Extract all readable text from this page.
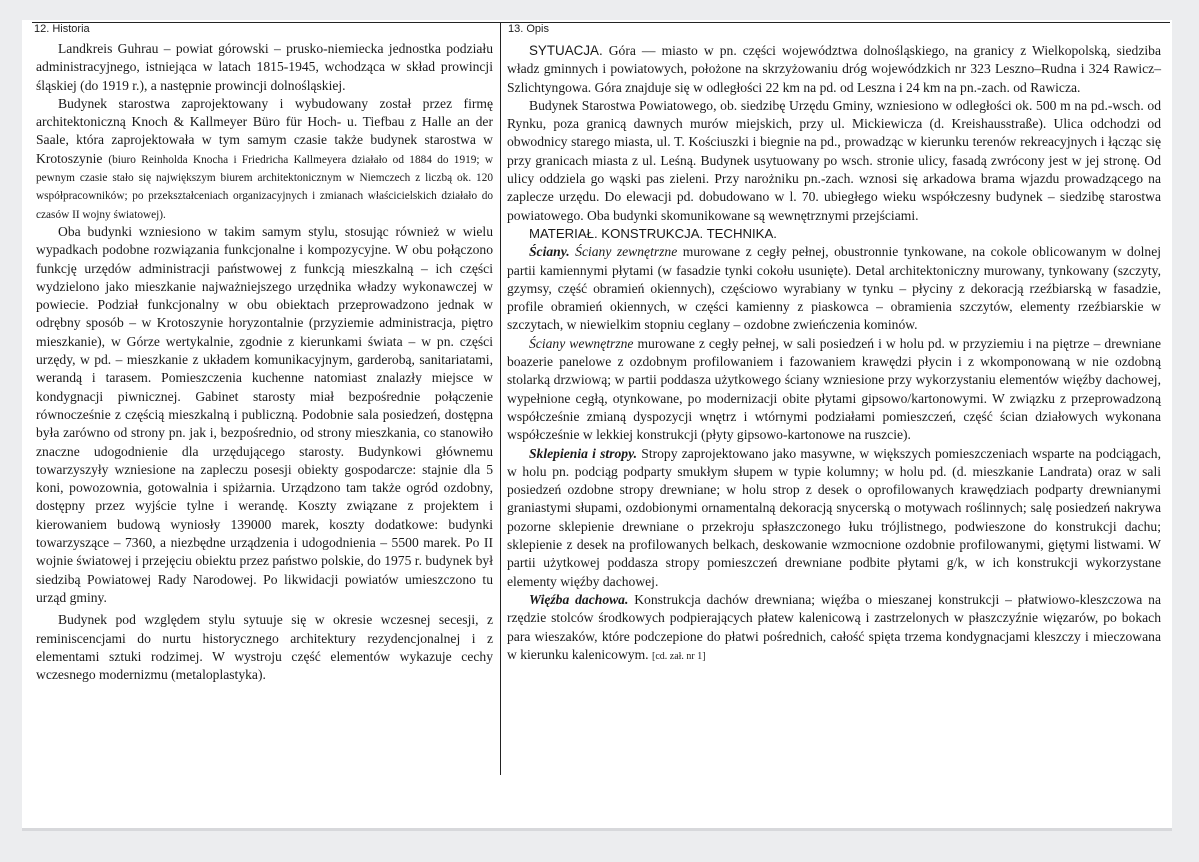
12. Historia	13. Opis

Landkreis Guhrau – powiat górowski – prusko-niemiecka jednostka podziału administracyjnego, istniejąca w latach 1815-1945, wchodząca w skład prowincji śląskiej (do 1919 r.), a następnie prowincji dolnośląskiej.

Budynek starostwa zaprojektowany i wybudowany został przez firmę architektoniczną Knoch & Kallmeyer Büro für Hoch- u. Tiefbau z Halle an der Saale, która zaprojektowała w tym samym czasie także budynek starostwa w Krotoszynie (biuro Reinholda Knocha i Friedricha Kallmeyera działało od 1884 do 1919; w pewnym czasie stało się największym biurem architektonicznym w Niemczech z liczbą ok. 120 współpracowników; po przekształceniach organizacyjnych i zmianach właścicielskich działało do czasów II wojny światowej).

Oba budynki wzniesiono w takim samym stylu, stosując również w wielu wypadkach podobne rozwiązania funkcjonalne i kompozycyjne. W obu połączono funkcję urzędów administracji państwowej z funkcją mieszkalną – ich części wydzielono jako mieszkanie najważniejszego urzędnika władzy wykonawczej w powiecie. Podział funkcjonalny w obu obiektach przeprowadzono jednak w odrębny sposób – w Krotoszynie horyzontalnie (przyziemie administracja, piętro mieszkanie), w Górze wertykalnie, zgodnie z kierunkami świata – w pn. części urzędy, w pd. – mieszkanie z układem komunikacyjnym, garderobą, sanitariatami, werandą i tarasem. Pomieszczenia kuchenne natomiast znalazły miejsce w kondygnacji piwnicznej. Gabinet starosty miał bezpośrednie połączenie równocześnie z częścią mieszkalną i publiczną. Podobnie sala posiedzeń, dostępna była zarówno od strony pn. jak i, bezpośrednio, od strony mieszkania, co stanowiło znaczne udogodnienie dla urzędującego starosty. Budynkowi głównemu towarzyszyły wzniesione na zapleczu posesji obiekty gospodarcze: stajnie dla 5 koni, powozownia, gotowalnia i spiżarnia. Urządzono tam także ogród ozdobny, dostępny przez wyjście tylne i werandę. Koszty związane z projektem i kierowaniem budową wyniosły 139000 marek, koszty dodatkowe: budynki towarzyszące – 7360, a niezbędne urządzenia i udogodnienia – 5500 marek. Po II wojnie światowej i przejęciu obiektu przez państwo polskie, do 1975 r. budynek był siedzibą Powiatowej Rady Narodowej. Po likwidacji powiatów umieszczono tu urząd gminy.

Budynek pod względem stylu sytuuje się w okresie wczesnej secesji, z reminiscencjami do nurtu historycznego architektury rezydencjonalnej i z elementami sztuki rodzimej. W wystroju część elementów wykazuje cechy wczesnego modernizmu (metaloplastyka).

SYTUACJA. Góra — miasto w pn. części województwa dolnośląskiego, na granicy z Wielkopolską, siedziba władz gminnych i powiatowych, położone na skrzyżowaniu dróg wojewódzkich nr 323 Leszno–Rudna i 324 Rawicz–Szlichtyngowa. Góra znajduje się w odległości 22 km na pd. od Leszna i 24 km na pn.-zach. od Rawicza.

Budynek Starostwa Powiatowego, ob. siedzibę Urzędu Gminy, wzniesiono w odległości ok. 500 m na pd.-wsch. od Rynku, poza granicą dawnych murów miejskich, przy ul. Mickiewicza (d. Kreishausstraße). Ulica odchodzi od obwodnicy starego miasta, ul. T. Kościuszki i biegnie na pd., prowadząc w kierunku terenów rekreacyjnych i łącząc się przy granicach miasta z ul. Leśną. Budynek usytuowany po wsch. stronie ulicy, fasadą zwrócony jest w jej stronę. Od ulicy oddziela go wąski pas zieleni. Przy narożniku pn.-zach. wznosi się arkadowa brama wjazdu prowadzącego na zaplecze urzędu. Do elewacji pd. dobudowano w l. 70. ubiegłego wieku współczesny budynek – siedzibę starostwa powiatowego. Oba budynki skomunikowane są wewnętrznymi przejściami.

MATERIAŁ. KONSTRUKCJA. TECHNIKA.

Ściany. Ściany zewnętrzne murowane z cegły pełnej, obustronnie tynkowane, na cokole oblicowanym w dolnej partii kamiennymi płytami (w fasadzie tynki cokołu usunięte). Detal architektoniczny murowany, tynkowany (szczyty, gzymsy, część obramień okiennych), częściowo wyrabiany w tynku – płyciny z dekoracją rzeźbiarską w fasadzie, profile obramień okiennych, w części kamienny z piaskowca – obramienia szczytów, elementy rzeźbiarskie w szczytach, w niewielkim stopniu ceglany – ozdobne zwieńczenia kominów.

Ściany wewnętrzne murowane z cegły pełnej, w sali posiedzeń i w holu pd. w przyziemiu i na piętrze – drewniane boazerie panelowe z ozdobnym profilowaniem i fazowaniem krawędzi płycin i z wkomponowaną w nie ozdobną stolarką drzwiową; w partii poddasza użytkowego ściany wzniesione przy wykorzystaniu elementów więźby dachowej, wypełnione cegłą, otynkowane, po modernizacji obite płytami gipsowo/kartonowymi. W związku z przeprowadzoną współcześnie zmianą dyspozycji wnętrz i wtórnymi podziałami pomieszczeń, część ścian działowych wykonana współcześnie w lekkiej konstrukcji (płyty gipsowo-kartonowe na ruszcie).

Sklepienia i stropy. Stropy zaprojektowano jako masywne, w większych pomieszczeniach wsparte na podciągach, w holu pn. podciąg podparty smukłym słupem w typie kolumny; w holu pd. (d. mieszkanie Landrata) oraz w sali posiedzeń ozdobne stropy drewniane; w holu strop z desek o oprofilowanych krawędziach podparty drewnianymi graniastymi słupami, ozdobionymi ornamentalną dekoracją snycerską o motywach roślinnych; salę posiedzeń nakrywa pozorne sklepienie drewniane o przekroju spłaszczonego łuku trójlistnego, podwieszone do konstrukcji dachu; sklepienie z desek na profilowanych belkach, deskowanie wzmocnione ozdobnie profilowanymi, giętymi listwami. W partii użytkowej poddasza stropy pomieszczeń drewniane podbite płytami g/k, w ich konstrukcji wykorzystane elementy więźby dachowej.

Więźba dachowa. Konstrukcja dachów drewniana; więźba o mieszanej konstrukcji – płatwiowo-kleszczowa na rzędzie stolców środkowych podpierających płatew kalenicową i zastrzelonych w płaszczyźnie więzarów, po bokach para wieszaków, które podczepione do płatwi pośrednich, całość spięta trzema kondygnacjami kleszczy i mieczowana w kierunku kalenicowym. [cd. zał. nr 1]
